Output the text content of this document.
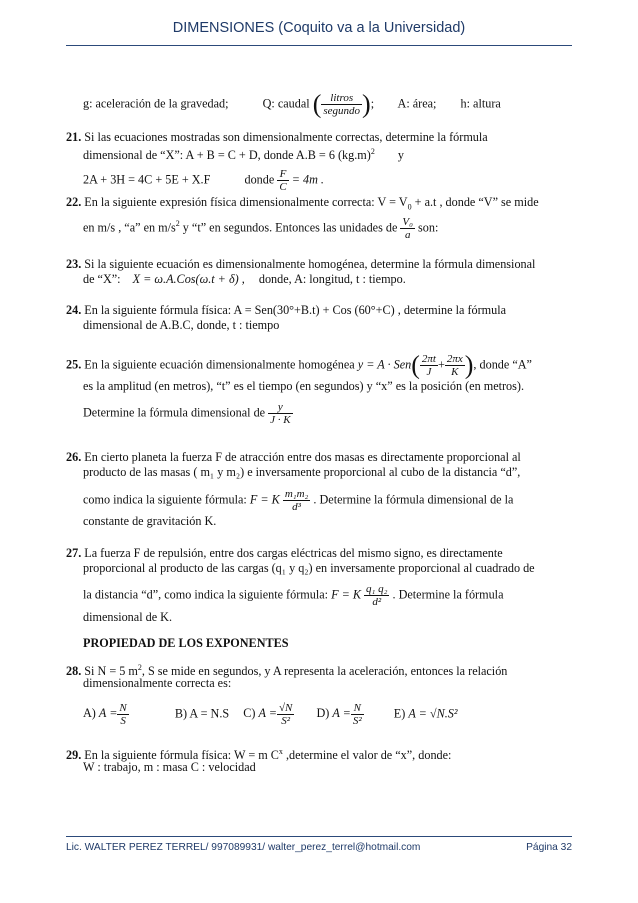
DIMENSIONES (Coquito va a la Universidad)
g: aceleración de la gravedad;	Q: caudal ( litros
segundo );  A: área; h: altura
21. Si las ecuaciones mostradas son dimensionalmente correctas, determine la fórmula
dimensional de “X”: A + B = C + D, donde A.B = 6 $(kg.m)^2$ y
2A + 3H = 4C + 5E + X.F	donde $\frac{F}{C} = 4m$ .
22. En la siguiente expresión física dimensionalmente correcta: $V = V_0 + a.t$ , donde “V” se mide
en m/s , “a” en $m/s^2$ y “t” en segundos. Entonces las unidades de $\frac{\text{V₀}}{a}$ son:
23. Si la siguiente ecuación es dimensionalmente homogénea, determine la fórmula dimensional
de “X”: X = ω.A.Cos(ω.t + δ) , donde, A: longitud, t : tiempo.
24. En la siguiente fórmula física: A = Sen(30°+B.t) + Cos (60°+C) , determine la fórmula
dimensional de A.B.C, donde, t : tiempo
25. En la siguiente ecuación dimensionalmente homogénea $y = A \cdot Sen( \frac{2\pi t}{J} + \frac{2\pi x}{K}$ ), donde “A”
es la amplitud (en metros), “t” es el tiempo (en segundos) y “x” es la posición (en metros).
Determine la fórmula dimensional de $\frac{y}{J \cdot K}$
26. En cierto planeta la fuerza F de atracción entre dos masas es directamente proporcional al
producto de las masas ( m₁ y m₂) e inversamente proporcional al cubo de la distancia “d”,
como indica la siguiente fórmula: F = K $\frac{\text{m₁m₂}}{\text{d³}}$ . Determine la fórmula dimensional de la
constante de gravitación K.
27. La fuerza F de repulsión, entre dos cargas eléctricas del mismo signo, es directamente
proporcional al producto de las cargas (q₁ y q₂) en inversamente proporcional al cuadrado de
la distancia “d”, como indica la siguiente fórmula: F = K $\frac{\text{q₁ q₂}}{\text{d²}}$ . Determine la fórmula
dimensional de K.
PROPIEDAD DE LOS EXPONENTES
28. Si N = 5 $m^2$, S se mide en segundos, y A representa la aceleración, entonces la relación
dimensionalmente correcta es:
A) $A = \frac{N}{S}$	B) A = N.S C) $A = \frac{√N}{\text{S²}} D$) $A = \frac{N}{\text{S²}} E$) A = √N.S²
29. En la siguiente fórmula física: W = m $C^x$ ,determine el valor de “x”, donde:
W : trabajo, m : masa C : velocidad
Lic. WALTER PEREZ TERREL/ 997089931/ walter_perez_terrel@hotmail.com	Página 32
